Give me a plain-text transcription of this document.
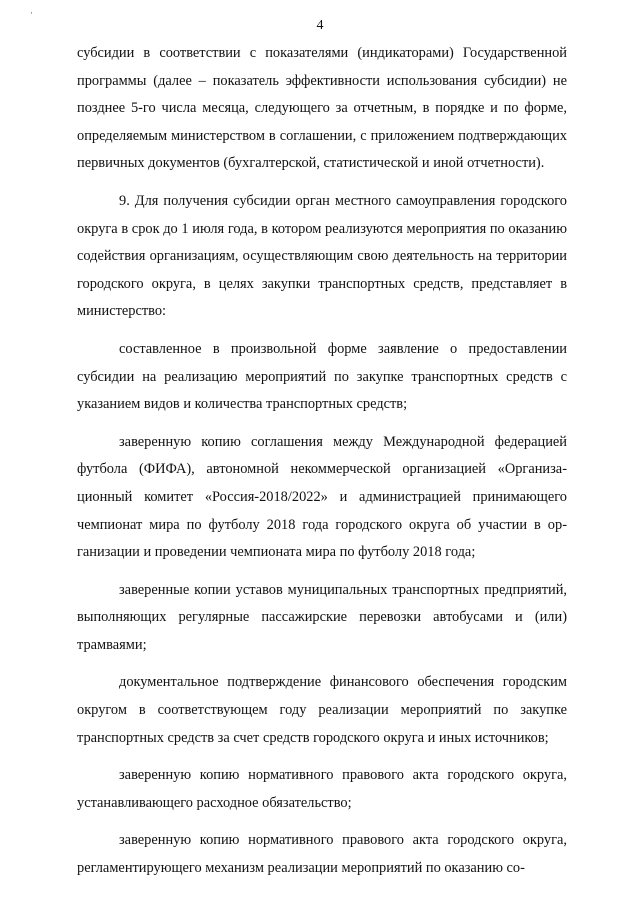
·
4

субсидии в соответствии с показателями (индикаторами) Государственной программы (далее – показатель эффективности использования субсидии) не позднее 5-го числа месяца, следующего за отчетным, в порядке и по форме, определяемым министерством в соглашении, с приложением подтверждающих первичных документов (бухгалтерской, статистической и иной отчетности).

9. Для получения субсидии орган местного самоуправления городского округа в срок до 1 июля года, в котором реализуются мероприятия по оказанию содействия организациям, осуществляющим свою деятельность на территории городского округа, в целях закупки транспортных средств, представляет в министерство:

составленное в произвольной форме заявление о предоставлении субсидии на реализацию мероприятий по закупке транспортных средств с указанием видов и количества транспортных средств;

заверенную копию соглашения между Международной федерацией футбола (ФИФА), автономной некоммерческой организацией «Организационный комитет «Россия-2018/2022» и администрацией принимающего чемпионат мира по футболу 2018 года городского округа об участии в организации и проведении чемпионата мира по футболу 2018 года;

заверенные копии уставов муниципальных транспортных предприятий, выполняющих регулярные пассажирские перевозки автобусами и (или) трамваями;

документальное подтверждение финансового обеспечения городским округом в соответствующем году реализации мероприятий по закупке транспортных средств за счет средств городского округа и иных источников;

заверенную копию нормативного правового акта городского округа, устанавливающего расходное обязательство;

заверенную копию нормативного правового акта городского округа, регламентирующего механизм реализации мероприятий по оказанию со-
